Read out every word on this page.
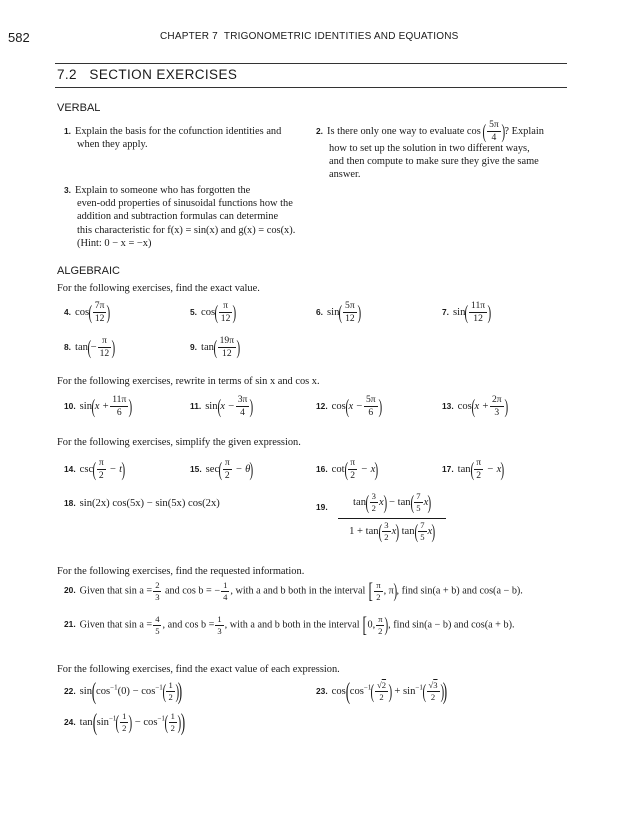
582	CHAPTER 7 TRIGONOMETRIC IDENTITIES AND EQUATIONS
7.2 SECTION EXERCISES
VERBAL
1. Explain the basis for the cofunction identities and
when they apply.
2. Is there only one way to evaluate cos ( $\frac{5\pi}{4}$ )? Explain
how to set up the solution in two different ways,
and then compute to make sure they give the same
answer.
3. Explain to someone who has forgotten the
even-odd properties of sinusoidal functions how the
addition and subtraction formulas can determine
this characteristic for f(x) = sin(x) and g(x) = cos(x).
(Hint: 0 − x = −x)
ALGEBRAIC
For the following exercises, find the exact value.
4. $\cos( \frac{7\pi}{12}$ )	5. $\cos( \frac{\pi}{12}$ )	6. $\sin( \frac{5\pi}{12}$ )	7. $\sin( \frac{11\pi}{12}$ )
8. $\tan(- \frac{\pi}{12}$ )	9. $\tan( \frac{19\pi}{12}$ )
For the following exercises, rewrite in terms of sin x and cos x.
10. $\sin(x + \frac{11\pi}{6}$ )	11. $\sin(x - \frac{3\pi}{4}$ )	12. $\cos(x - \frac{5\pi}{6}$ )	13. $\cos(x + \frac{2\pi}{3}$ )
For the following exercises, simplify the given expression.
14. $\csc( \frac{\pi}{2} - t)$	15. $\sec( \frac{\pi}{2} - \theta)$	16. $\cot( \frac{\pi}{2} - x)$	17. $\tan( \frac{\pi}{2} - x)$
18. sin(2x) cos(5x) − sin(5x) cos(2x)	19.	$\tan( \frac{3}{2} x) - \tan( \frac{7}{5} x)$
$1 + \tan( \frac{3}{2} x)$ $\tan( \frac{7}{5} x)$
For the following exercises, find the requested information.
20. Given that $\sin a = \frac{2}{3}$ and cos b = − $\frac{1}{4}$ , with a and b both in the interval [ $\frac{\pi}{2}$ , π), find sin(a + b) and cos(a − b).
21. Given that $\sin a = \frac{4}{5}$ , and $\cos b = \frac{1}{3}$ , with a and b both in the interval [0, $\frac{\pi}{2}$ ), find sin(a − b) and cos(a + b).
For the following exercises, find the exact value of each expression.
22. $\sin(\cos^{-1}(0) - \cos^{-1}( \frac{1}{2}$ ))	23. $\cos(\cos^{-1}( \frac{√2}{2}$ ) + $\sin^{-1}( \frac{√3}{2}$ ))
24. $\tan(\sin^{-1}( \frac{1}{2}$ ) − $\cos^{-1}( \frac{1}{2}$ ))
